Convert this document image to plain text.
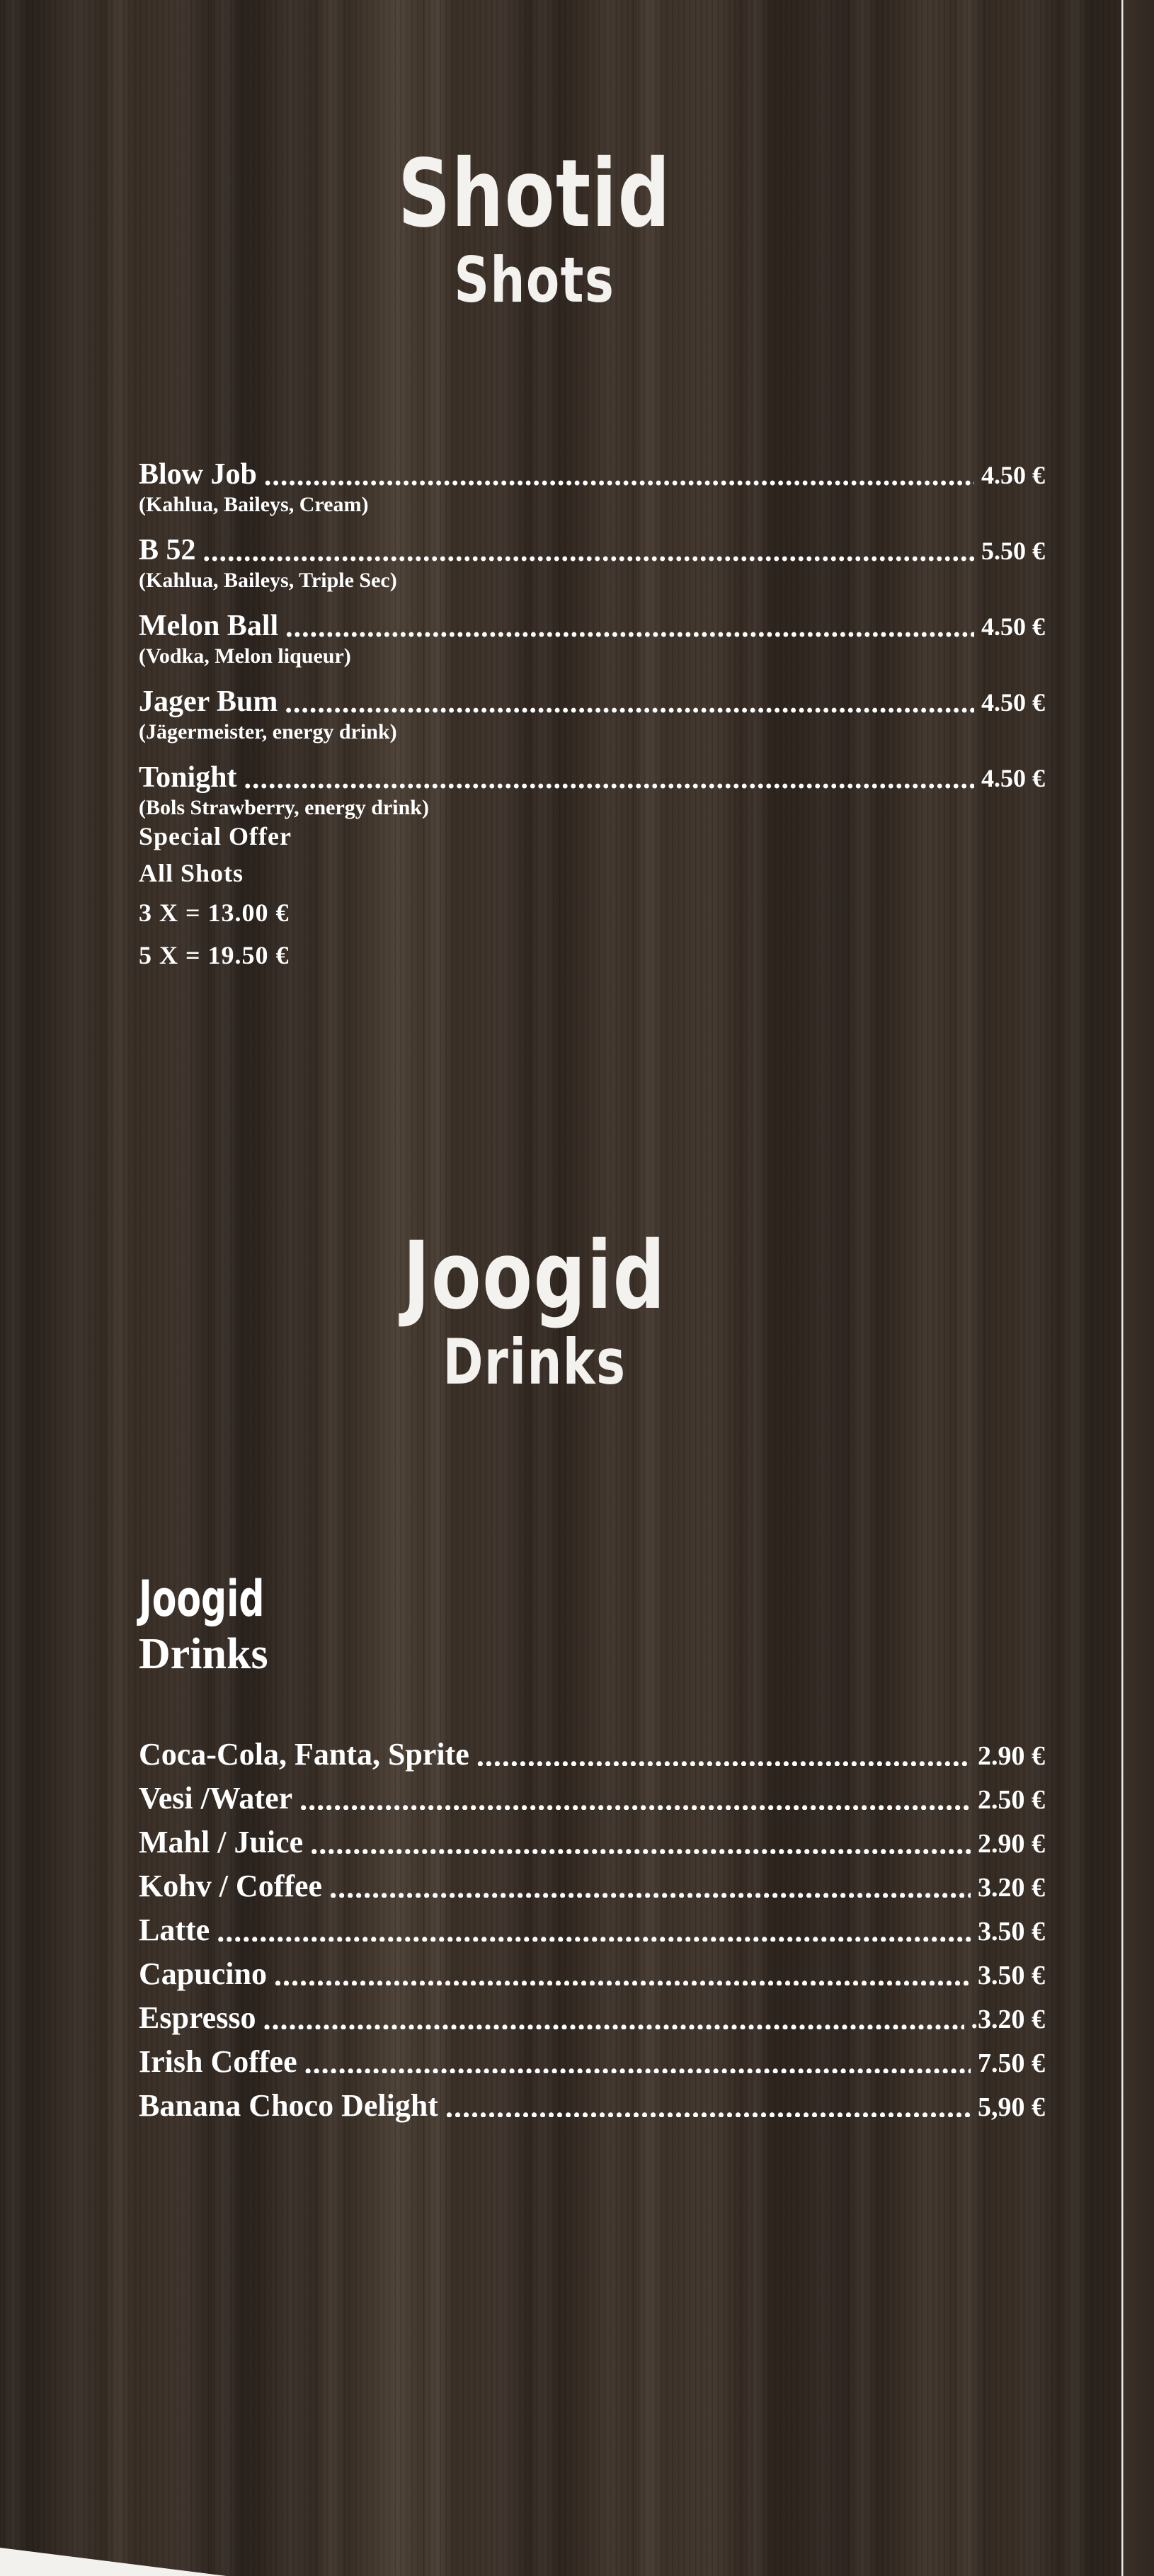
Shotid
Shots
Blow Job .....	4.50 €
(Kahlua, Baileys, Cream)
B 52 .....	5.50 €
(Kahlua, Baileys, Triple Sec)
Melon Ball .....	4.50 €
(Vodka, Melon liqueur)
Jager Bum .....	4.50 €
(Jägermeister, energy drink)
Tonight .....	4.50 €
(Bols Strawberry, energy drink)
Special Offer
All Shots
3 X = 13.00 €
5 X = 19.50 €
Joogid
Drinks
Joogid
Drinks
Coca-Cola, Fanta, Sprite .....	2.90 €
Vesi /Water .....	2.50 €
Mahl / Juice .....	2.90 €
Kohv / Coffee .....	3.20 €
Latte .....	3.50 €
Capucino .....	3.50 €
Espresso .....	.3.20 €
Irish Coffee .....	7.50 €
Banana Choco Delight .....	5,90 €
